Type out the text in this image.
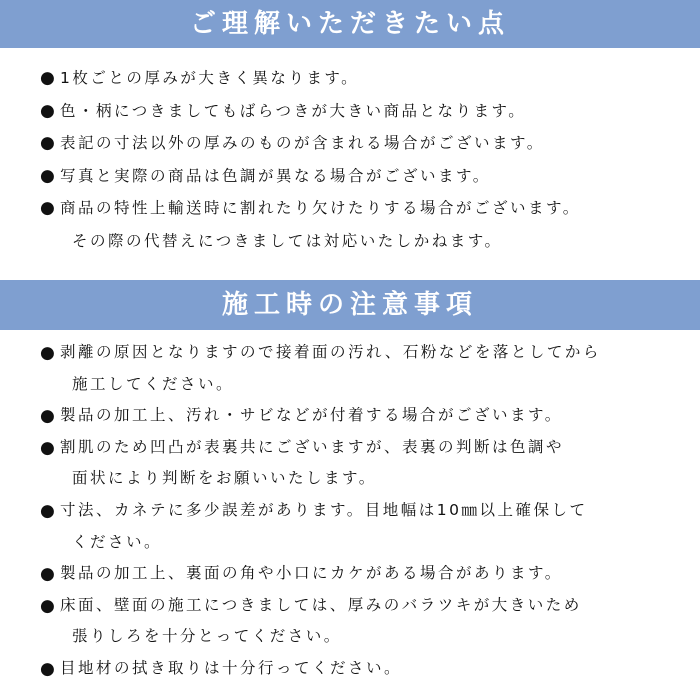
ご理解いただきたい点
● 1枚ごとの厚みが大きく異なります。
● 色・柄につきましてもばらつきが大きい商品となります。
● 表記の寸法以外の厚みのものが含まれる場合がございます。
● 写真と実際の商品は色調が異なる場合がございます。
● 商品の特性上輸送時に割れたり欠けたりする場合がございます。
その際の代替えにつきましては対応いたしかねます。
施工時の注意事項
● 剥離の原因となりますので接着面の汚れ、石粉などを落としてから
施工してください。
● 製品の加工上、汚れ・サビなどが付着する場合がございます。
● 割肌のため凹凸が表裏共にございますが、表裏の判断は色調や
面状により判断をお願いいたします。
● 寸法、カネテに多少誤差があります。目地幅は10㎜以上確保して
ください。
● 製品の加工上、裏面の角や小口にカケがある場合があります。
● 床面、壁面の施工につきましては、厚みのバラツキが大きいため
張りしろを十分とってください。
● 目地材の拭き取りは十分行ってください。
